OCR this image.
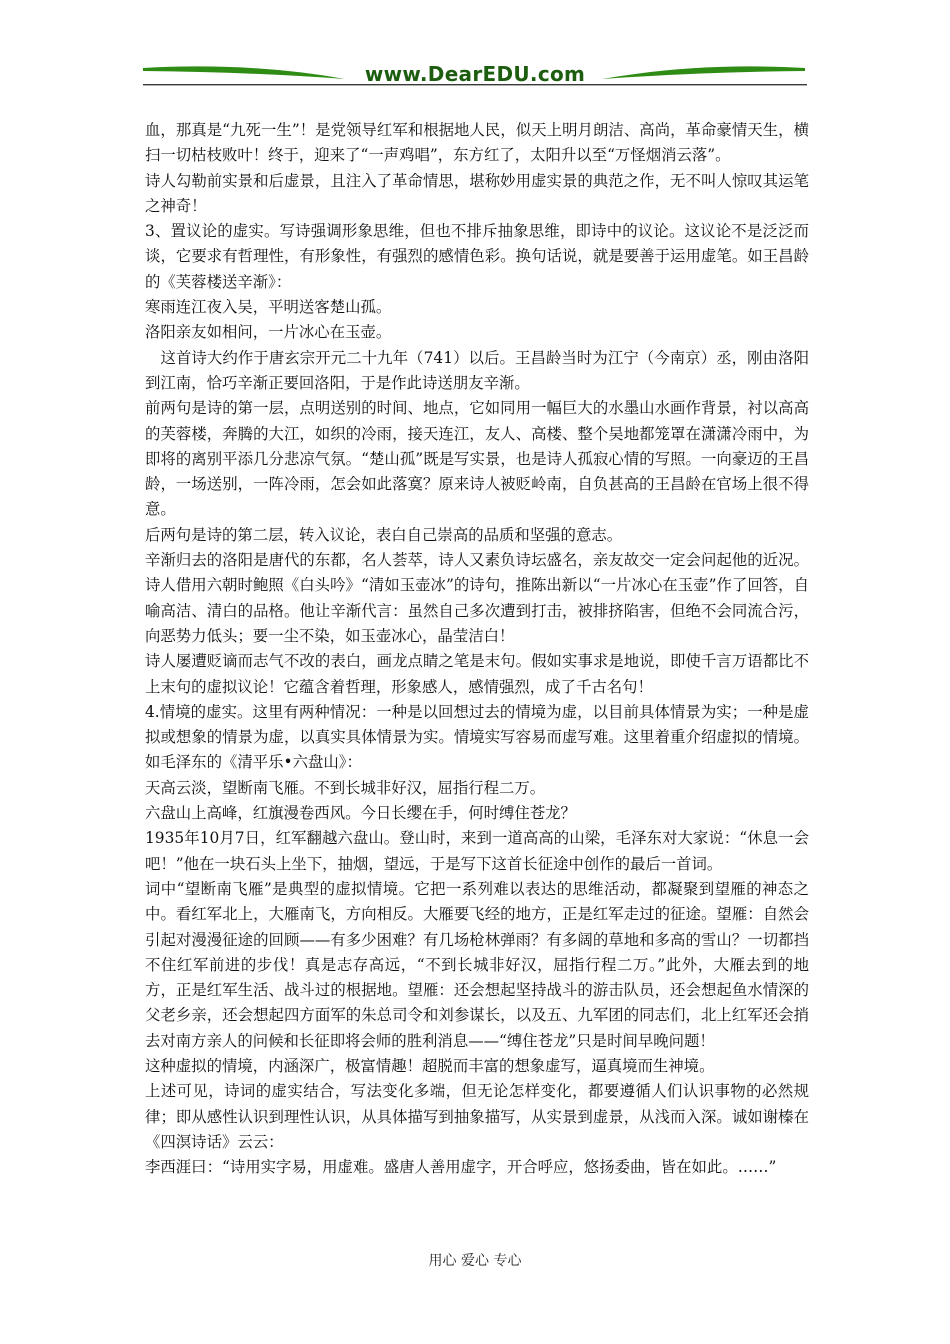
www.DearEDU.com

血，那真是“九死一生”！是党领导红军和根据地人民，似天上明月朗洁、高尚，革命豪情天生，横扫一切枯枝败叶！终于，迎来了“一声鸡唱”，东方红了，太阳升以至“万怪烟消云落”。

诗人勾勒前实景和后虚景，且注入了革命情思，堪称妙用虚实景的典范之作，无不叫人惊叹其运笔之神奇！

3、置议论的虚实。写诗强调形象思维，但也不排斥抽象思维，即诗中的议论。这议论不是泛泛而谈，它要求有哲理性，有形象性，有强烈的感情色彩。换句话说，就是要善于运用虚笔。如王昌龄的《芙蓉楼送辛渐》：

寒雨连江夜入吴，平明送客楚山孤。

洛阳亲友如相问，一片冰心在玉壶。

　这首诗大约作于唐玄宗开元二十九年（741）以后。王昌龄当时为江宁（今南京）丞，刚由洛阳到江南，恰巧辛渐正要回洛阳，于是作此诗送朋友辛渐。

前两句是诗的第一层，点明送别的时间、地点，它如同用一幅巨大的水墨山水画作背景，衬以高高的芙蓉楼，奔腾的大江，如织的冷雨，接天连江，友人、高楼、整个吴地都笼罩在潇潇冷雨中，为即将的离别平添几分悲凉气氛。“楚山孤”既是写实景，也是诗人孤寂心情的写照。一向豪迈的王昌龄，一场送别，一阵冷雨，怎会如此落寞？原来诗人被贬岭南，自负甚高的王昌龄在官场上很不得意。

后两句是诗的第二层，转入议论，表白自己崇高的品质和坚强的意志。

辛渐归去的洛阳是唐代的东都，名人荟萃，诗人又素负诗坛盛名，亲友故交一定会问起他的近况。诗人借用六朝时鲍照《白头吟》“清如玉壶冰”的诗句，推陈出新以“一片冰心在玉壶”作了回答，自喻高洁、清白的品格。他让辛渐代言：虽然自己多次遭到打击，被排挤陷害，但绝不会同流合污，向恶势力低头；要一尘不染，如玉壶冰心，晶莹洁白！

诗人屡遭贬谪而志气不改的表白，画龙点睛之笔是末句。假如实事求是地说，即使千言万语都比不上末句的虚拟议论！它蕴含着哲理，形象感人，感情强烈，成了千古名句！

4.情境的虚实。这里有两种情况：一种是以回想过去的情境为虚，以目前具体情景为实；一种是虚拟或想象的情景为虚，以真实具体情景为实。情境实写容易而虚写难。这里着重介绍虚拟的情境。如毛泽东的《清平乐•六盘山》：

天高云淡，望断南飞雁。不到长城非好汉，屈指行程二万。

六盘山上高峰，红旗漫卷西风。今日长缨在手，何时缚住苍龙？

1935年10月7日，红军翻越六盘山。登山时，来到一道高高的山梁，毛泽东对大家说：“休息一会吧！”他在一块石头上坐下，抽烟，望远，于是写下这首长征途中创作的最后一首词。

词中“望断南飞雁”是典型的虚拟情境。它把一系列难以表达的思维活动，都凝聚到望雁的神态之中。看红军北上，大雁南飞，方向相反。大雁要飞经的地方，正是红军走过的征途。望雁：自然会引起对漫漫征途的回顾——有多少困难？有几场枪林弹雨？有多阔的草地和多高的雪山？一切都挡不住红军前进的步伐！真是志存高远，“不到长城非好汉，屈指行程二万。”此外，大雁去到的地方，正是红军生活、战斗过的根据地。望雁：还会想起坚持战斗的游击队员，还会想起鱼水情深的父老乡亲，还会想起四方面军的朱总司令和刘参谋长，以及五、九军团的同志们，北上红军还会捎去对南方亲人的问候和长征即将会师的胜利消息——“缚住苍龙”只是时间早晚问题！

这种虚拟的情境，内涵深广，极富情趣！超脱而丰富的想象虚写，逼真境而生神境。

上述可见，诗词的虚实结合，写法变化多端，但无论怎样变化，都要遵循人们认识事物的必然规律；即从感性认识到理性认识，从具体描写到抽象描写，从实景到虚景，从浅而入深。诚如谢榛在《四溟诗话》云云：

李西涯曰：“诗用实字易，用虚难。盛唐人善用虚字，开合呼应，悠扬委曲，皆在如此。……”

用心 爱心 专心
